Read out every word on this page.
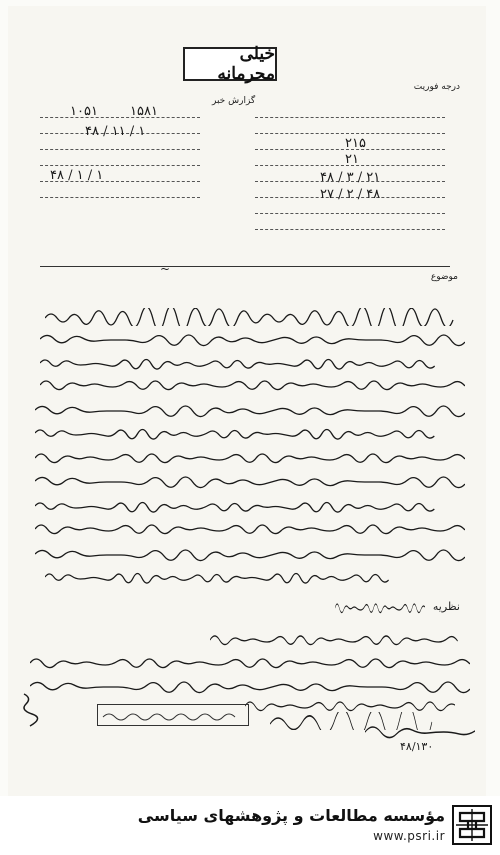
خیلی محرمانه
درجه فوریت
گزارش خبر
۱۰۵۱ ۱۵۸۱
۱ / ۱۱ / ۴۸
۱ / ۱ / ۴۸
۲۱۵
۲۱
۲۱ / ۳ / ۴۸
۴۸ / ۲ / ۲۷
موضوع
~
نظریه
۴۸/۱۳۰
مؤسسه مطالعات و پژوهشهای سیاسی
www.psri.ir
